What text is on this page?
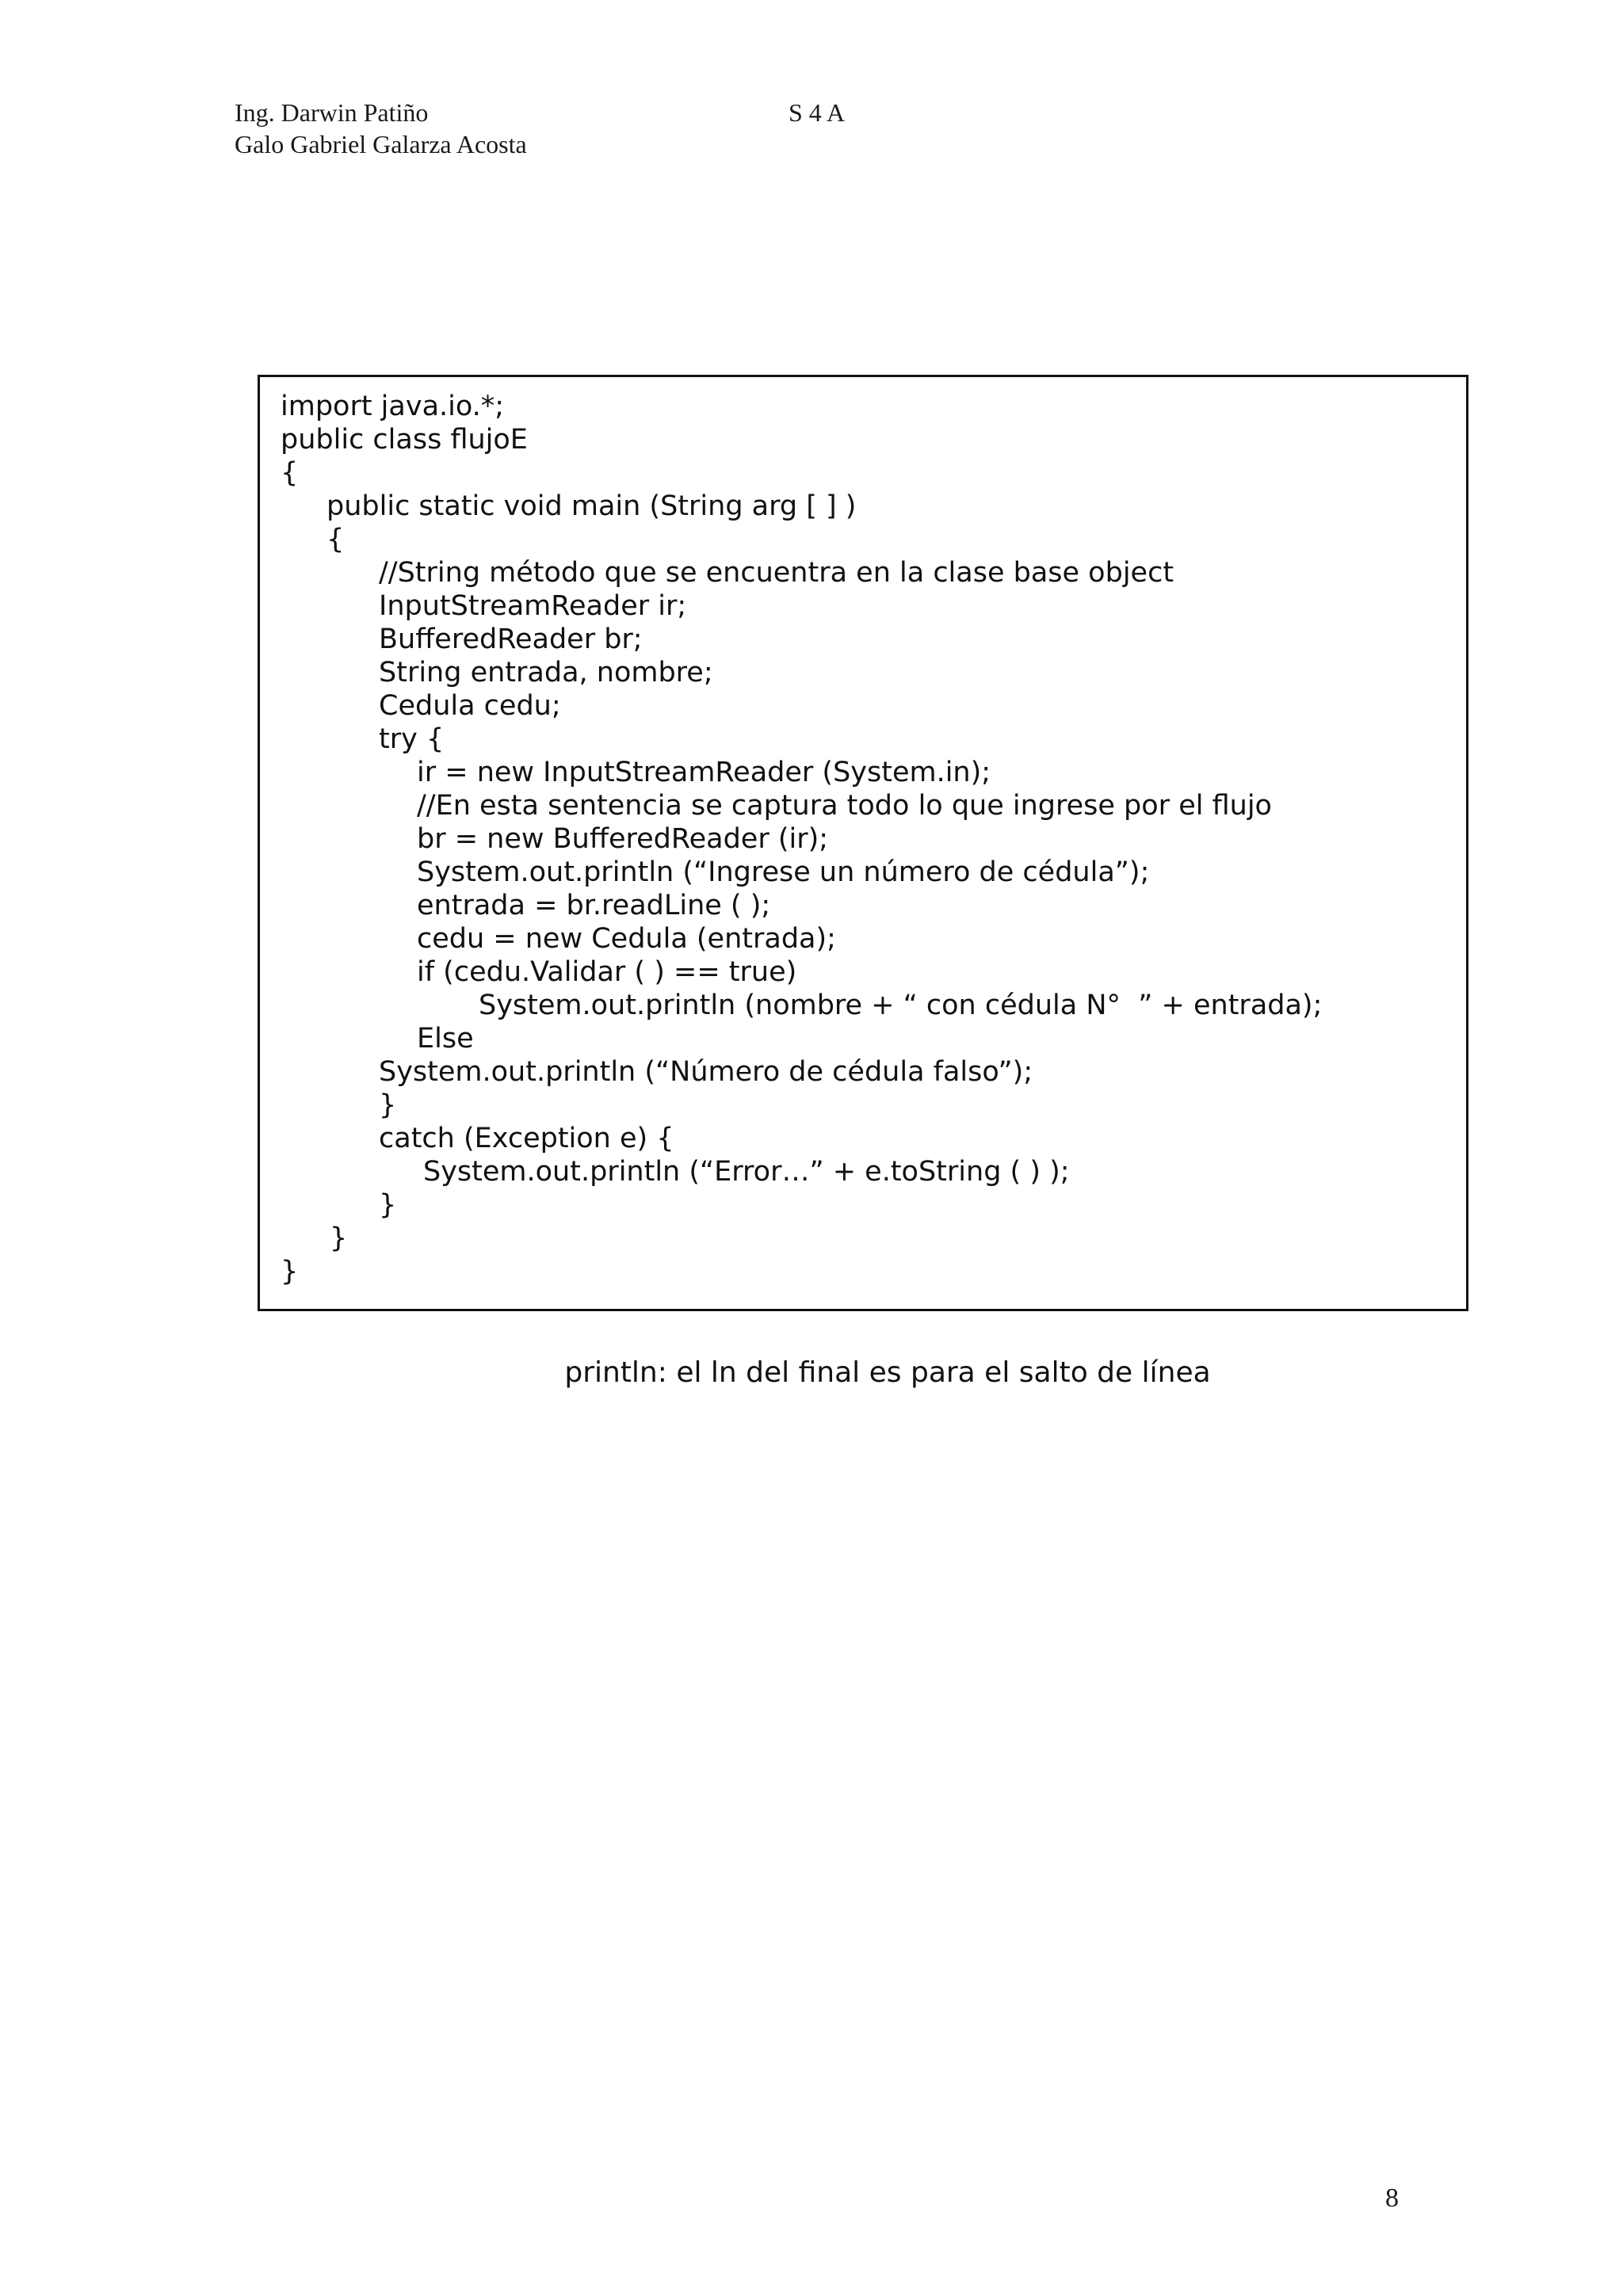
Ing. Darwin Patiño	S 4 A
Galo Gabriel Galarza Acosta
import java.io.*;
public class flujoE
{
public static void main (String arg [ ] )
{
//String método que se encuentra en la clase base object
InputStreamReader ir;
BufferedReader br;
String entrada, nombre;
Cedula cedu;
try {
ir = new InputStreamReader (System.in);
//En esta sentencia se captura todo lo que ingrese por el flujo
br = new BufferedReader (ir);
System.out.println (“Ingrese un número de cédula”);
entrada = br.readLine ( );
cedu = new Cedula (entrada);
if (cedu.Validar ( ) == true)
System.out.println (nombre + “ con cédula N°  ” + entrada);
Else
System.out.println (“Número de cédula falso”);
}
catch (Exception e) {
System.out.println (“Error…” + e.toString ( ) );
}
}
}
println: el ln del final es para el salto de línea
8
